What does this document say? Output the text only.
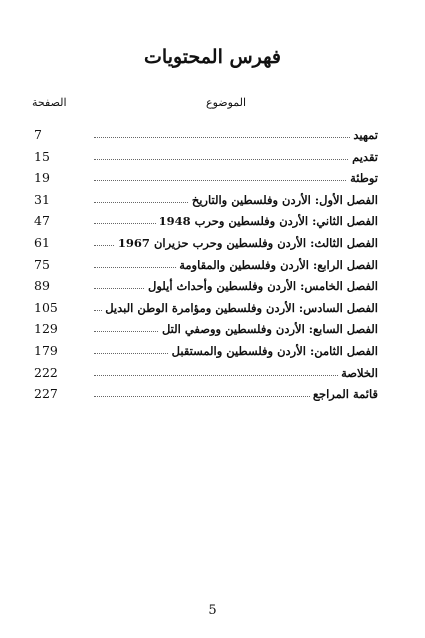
فهرس المحتويات
الموضوع
الصفحة
تمهيد
7
تقديم
15
توطئة
19
الفصل الأول: الأردن وفلسطين والتاريخ
31
الفصل الثاني: الأردن وفلسطين وحرب 1948
47
الفصل الثالث: الأردن وفلسطين وحرب حزيران 1967
61
الفصل الرابع: الأردن وفلسطين والمقاومة
75
الفصل الخامس: الأردن وفلسطين وأحداث أيلول
89
الفصل السادس: الأردن وفلسطين ومؤامرة الوطن البديل
105
الفصل السابع: الأردن وفلسطين ووصفي التل
129
الفصل الثامن: الأردن وفلسطين والمستقبل
179
الخلاصة
222
قائمة المراجع
227
5
